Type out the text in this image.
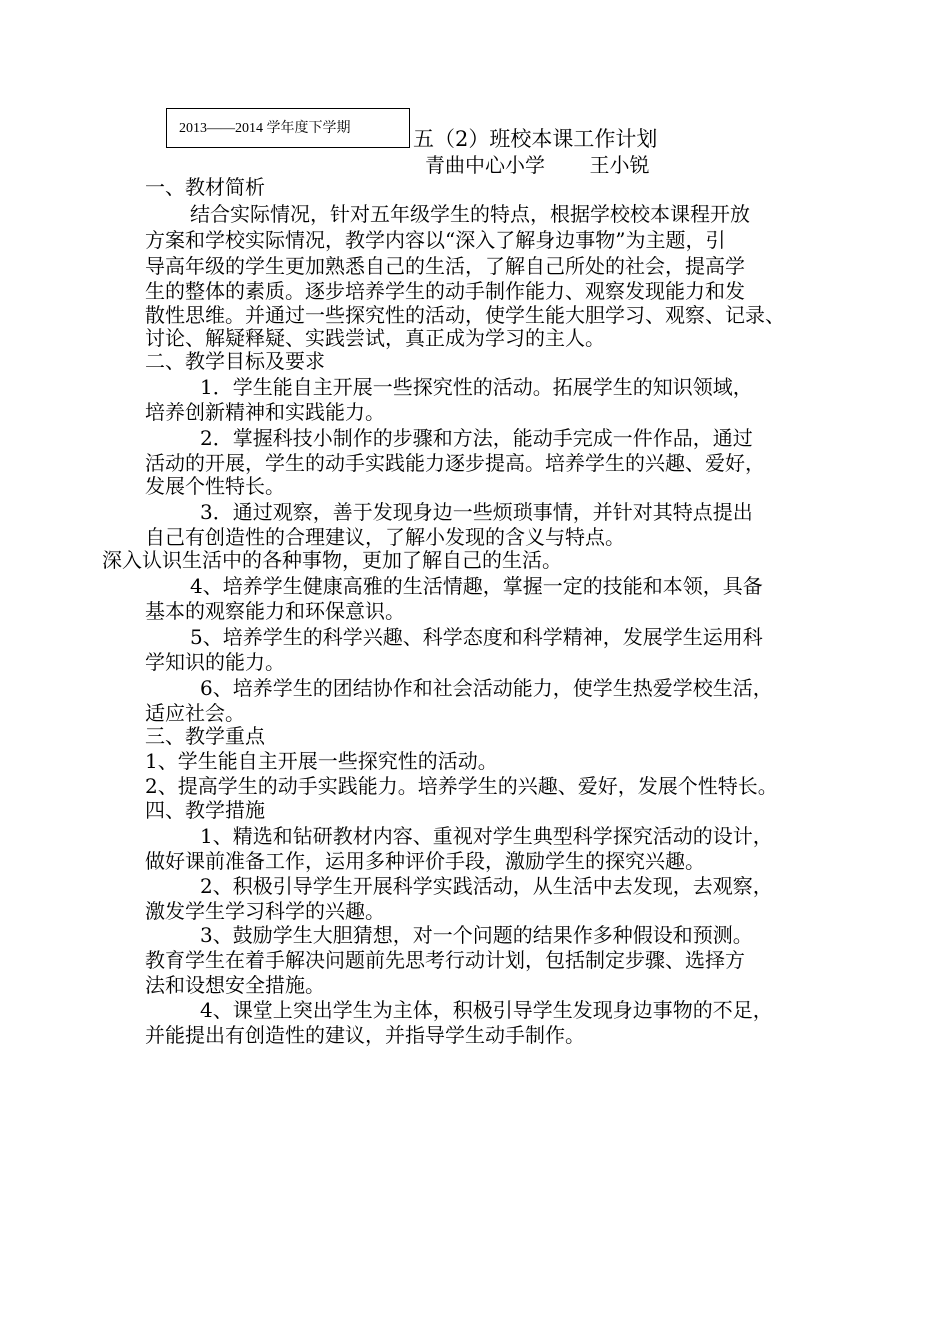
2013——2014 学年度下学期	五（2）班校本课工作计划
青曲中心小学       王小锐
一、教材简析
结合实际情况，针对五年级学生的特点，根据学校校本课程开放
方案和学校实际情况，教学内容以“深入了解身边事物”为主题，引
导高年级的学生更加熟悉自己的生活，了解自己所处的社会，提高学
生的整体的素质。逐步培养学生的动手制作能力、观察发现能力和发
散性思维。并通过一些探究性的活动，使学生能大胆学习、观察、记录、
讨论、解疑释疑、实践尝试，真正成为学习的主人。
二、教学目标及要求
1．学生能自主开展一些探究性的活动。拓展学生的知识领域，
培养创新精神和实践能力。
2．掌握科技小制作的步骤和方法，能动手完成一件作品，通过
活动的开展，学生的动手实践能力逐步提高。培养学生的兴趣、爱好，
发展个性特长。
3．通过观察，善于发现身边一些烦琐事情，并针对其特点提出
自己有创造性的合理建议，了解小发现的含义与特点。
深入认识生活中的各种事物，更加了解自己的生活。
4、培养学生健康高雅的生活情趣，掌握一定的技能和本领，具备
基本的观察能力和环保意识。
5、培养学生的科学兴趣、科学态度和科学精神，发展学生运用科
学知识的能力。
6、培养学生的团结协作和社会活动能力，使学生热爱学校生活，
适应社会。
三、教学重点
1、学生能自主开展一些探究性的活动。
2、提高学生的动手实践能力。培养学生的兴趣、爱好，发展个性特长。
四、教学措施
1、精选和钻研教材内容、重视对学生典型科学探究活动的设计，
做好课前准备工作，运用多种评价手段，激励学生的探究兴趣。
2、积极引导学生开展科学实践活动，从生活中去发现，去观察，
激发学生学习科学的兴趣。
3、鼓励学生大胆猜想，对一个问题的结果作多种假设和预测。
教育学生在着手解决问题前先思考行动计划，包括制定步骤、选择方
法和设想安全措施。
4、课堂上突出学生为主体，积极引导学生发现身边事物的不足，
并能提出有创造性的建议，并指导学生动手制作。
